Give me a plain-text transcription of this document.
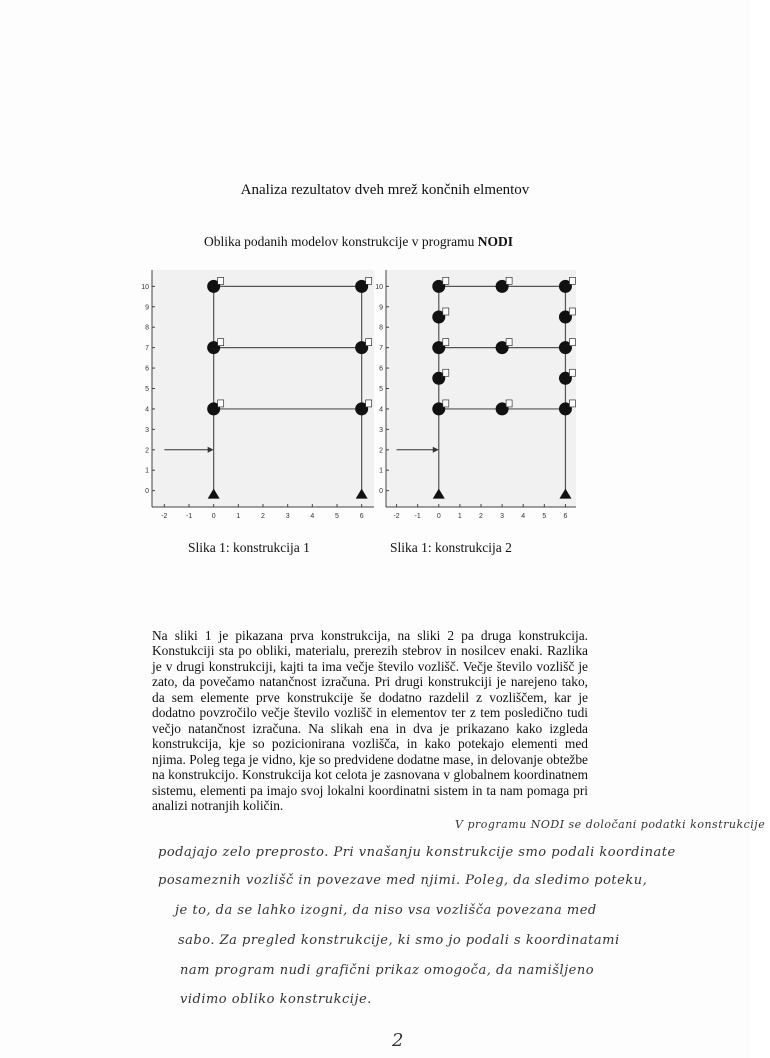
Analiza rezultatov dveh mrež končnih elmentov
Oblika podanih modelov konstrukcije v programu NODI
-2	-1	0	1	2	3	4	5	6
0
1
2
3
4
5
6
7
8
9
10
-2 -1 0 1 2 3 4 5 6
0
1
2
3
4
5
6
7
8
9
10
Slika 1: konstrukcija 1	Slika 1: konstrukcija 2
Na sliki 1 je pikazana prva konstrukcija, na sliki 2 pa druga konstrukcija. Konstukciji sta po obliki, materialu, prerezih stebrov in nosilcev enaki. Razlika je v drugi konstrukciji, kajti ta ima večje število vozlišč. Večje število vozlišč je zato, da povečamo natančnost izračuna. Pri drugi konstrukciji je narejeno tako, da sem elemente prve konstrukcije še dodatno razdelil z vozliščem, kar je dodatno povzročilo večje število vozlišč in elementov ter z tem posledično tudi večjo natančnost izračuna. Na slikah ena in dva je prikazano kako izgleda konstrukcija, kje so pozicionirana vozlišča, in kako potekajo elementi med njima. Poleg tega je vidno, kje so predvidene dodatne mase, in delovanje obtežbe na konstrukcijo. Konstrukcija kot celota je zasnovana v globalnem koordinatnem sistemu, elementi pa imajo svoj lokalni koordinatni sistem in ta nam pomaga pri analizi notranjih količin.
V programu NODI se določani podatki konstrukcije
podajajo zelo preprosto. Pri vnašanju konstrukcije smo podali koordinate
posameznih vozlišč in povezave med njimi. Poleg, da sledimo poteku,
je to, da se lahko izogni, da niso vsa vozlišča povezana med
sabo. Za pregled konstrukcije, ki smo jo podali s koordinatami
nam program nudi grafični prikaz omogoča, da namišljeno
vidimo obliko konstrukcije.
2
